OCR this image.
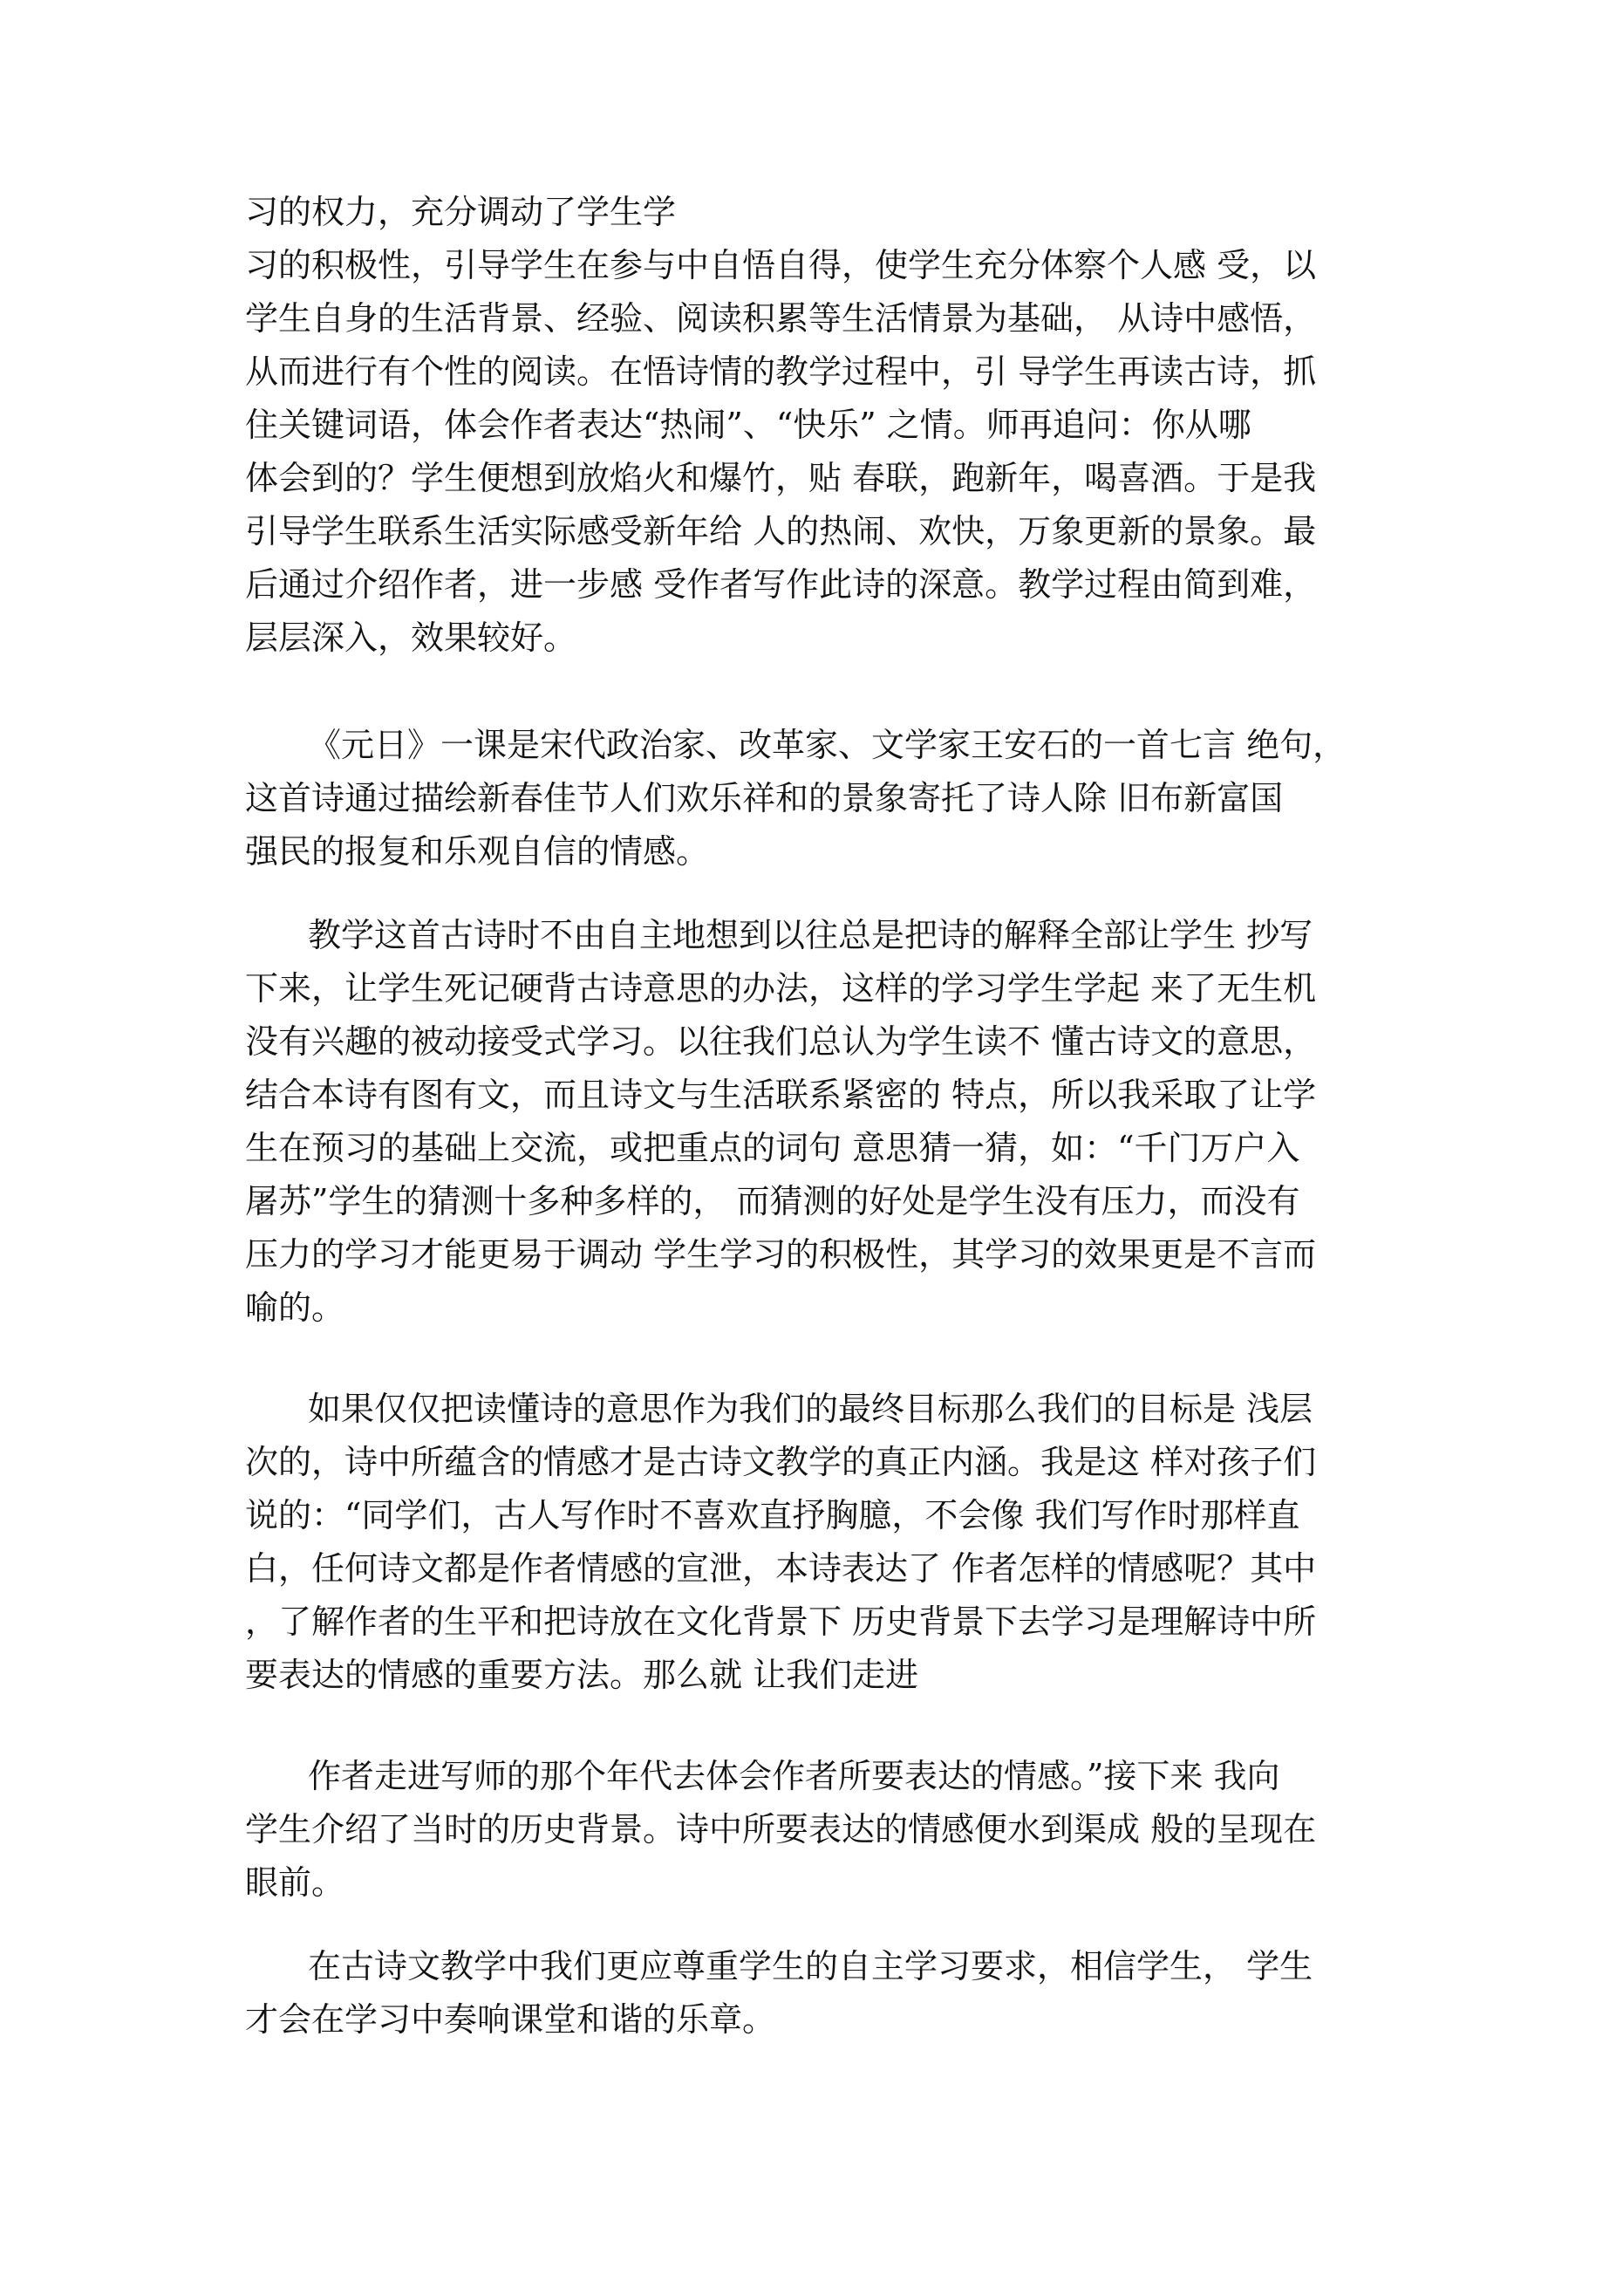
习的权力，充分调动了学生学
习的积极性，引导学生在参与中自悟自得，使学生充分体察个人感 受，以
学生自身的生活背景、经验、阅读积累等生活情景为基础， 从诗中感悟，
从而进行有个性的阅读。在悟诗情的教学过程中，引 导学生再读古诗，抓
住关键词语，体会作者表达“热闹”、“快乐” 之情。师再追问：你从哪
体会到的？学生便想到放焰火和爆竹，贴 春联，跑新年，喝喜酒。于是我
引导学生联系生活实际感受新年给 人的热闹、欢快，万象更新的景象。最
后通过介绍作者，进一步感 受作者写作此诗的深意。教学过程由简到难，
层层深入，效果较好。
《元日》一课是宋代政治家、改革家、文学家王安石的一首七言 绝句，
这首诗通过描绘新春佳节人们欢乐祥和的景象寄托了诗人除 旧布新富国
强民的报复和乐观自信的情感。
教学这首古诗时不由自主地想到以往总是把诗的解释全部让学生 抄写
下来，让学生死记硬背古诗意思的办法，这样的学习学生学起 来了无生机
没有兴趣的被动接受式学习。以往我们总认为学生读不 懂古诗文的意思，
结合本诗有图有文，而且诗文与生活联系紧密的 特点，所以我采取了让学
生在预习的基础上交流，或把重点的词句 意思猜一猜，如：“千门万户入
屠苏”学生的猜测十多种多样的， 而猜测的好处是学生没有压力，而没有
压力的学习才能更易于调动 学生学习的积极性，其学习的效果更是不言而
喻的。
如果仅仅把读懂诗的意思作为我们的最终目标那么我们的目标是 浅层
次的，诗中所蕴含的情感才是古诗文教学的真正内涵。我是这 样对孩子们
说的：“同学们，古人写作时不喜欢直抒胸臆，不会像 我们写作时那样直
白，任何诗文都是作者情感的宣泄，本诗表达了 作者怎样的情感呢？其中
，了解作者的生平和把诗放在文化背景下 历史背景下去学习是理解诗中所
要表达的情感的重要方法。那么就 让我们走进
作者走进写师的那个年代去体会作者所要表达的情感。”接下来 我向
学生介绍了当时的历史背景。诗中所要表达的情感便水到渠成 般的呈现在
眼前。
在古诗文教学中我们更应尊重学生的自主学习要求，相信学生， 学生
才会在学习中奏响课堂和谐的乐章。
